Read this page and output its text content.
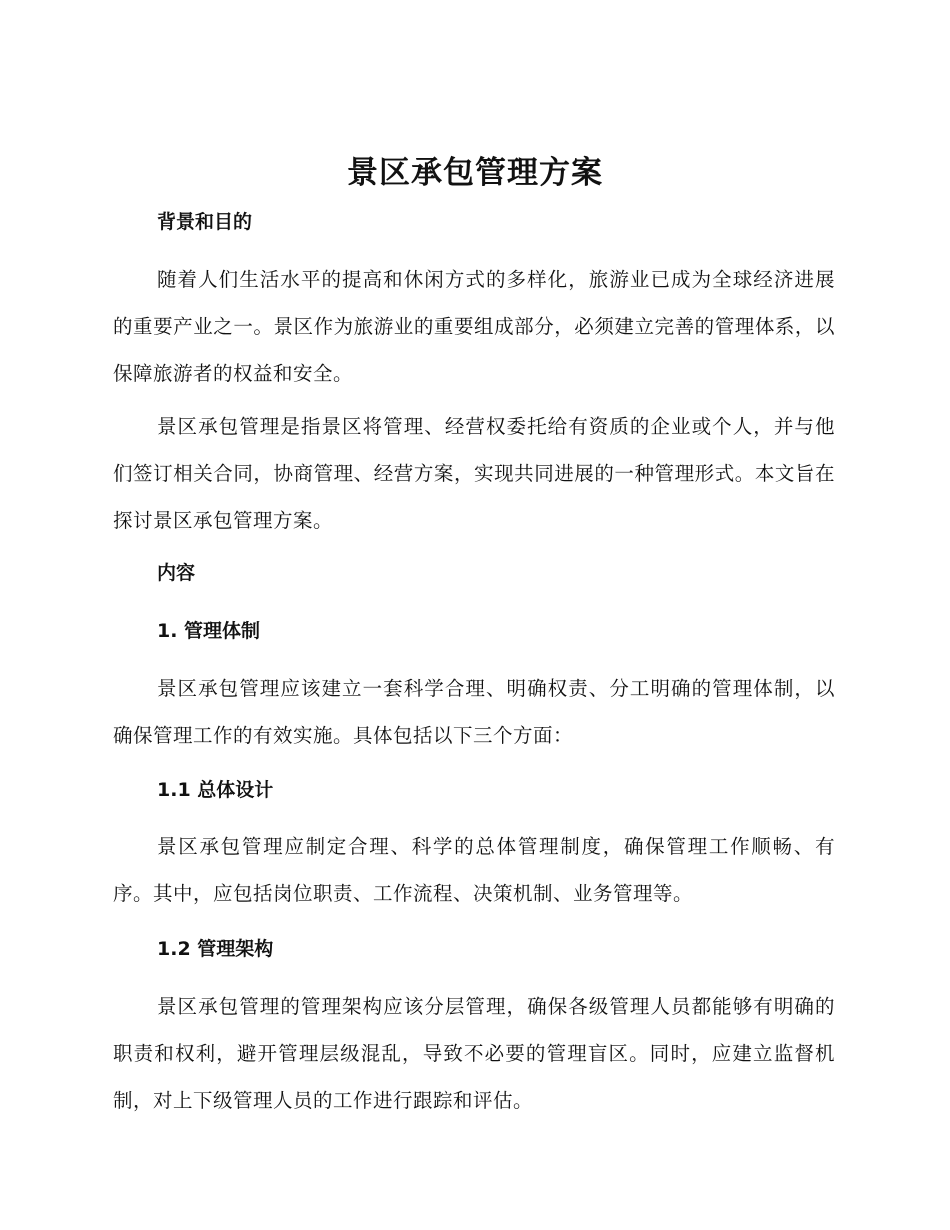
景区承包管理方案
背景和目的
随着人们生活水平的提高和休闲方式的多样化，旅游业已成为全球经济进展的重要产业之一。景区作为旅游业的重要组成部分，必须建立完善的管理体系，以保障旅游者的权益和安全。
景区承包管理是指景区将管理、经营权委托给有资质的企业或个人，并与他们签订相关合同，协商管理、经营方案，实现共同进展的一种管理形式。本文旨在探讨景区承包管理方案。
内容
1. 管理体制
景区承包管理应该建立一套科学合理、明确权责、分工明确的管理体制，以确保管理工作的有效实施。具体包括以下三个方面：
1.1 总体设计
景区承包管理应制定合理、科学的总体管理制度，确保管理工作顺畅、有序。其中，应包括岗位职责、工作流程、决策机制、业务管理等。
1.2 管理架构
景区承包管理的管理架构应该分层管理，确保各级管理人员都能够有明确的职责和权利，避开管理层级混乱，导致不必要的管理盲区。同时，应建立监督机制，对上下级管理人员的工作进行跟踪和评估。
